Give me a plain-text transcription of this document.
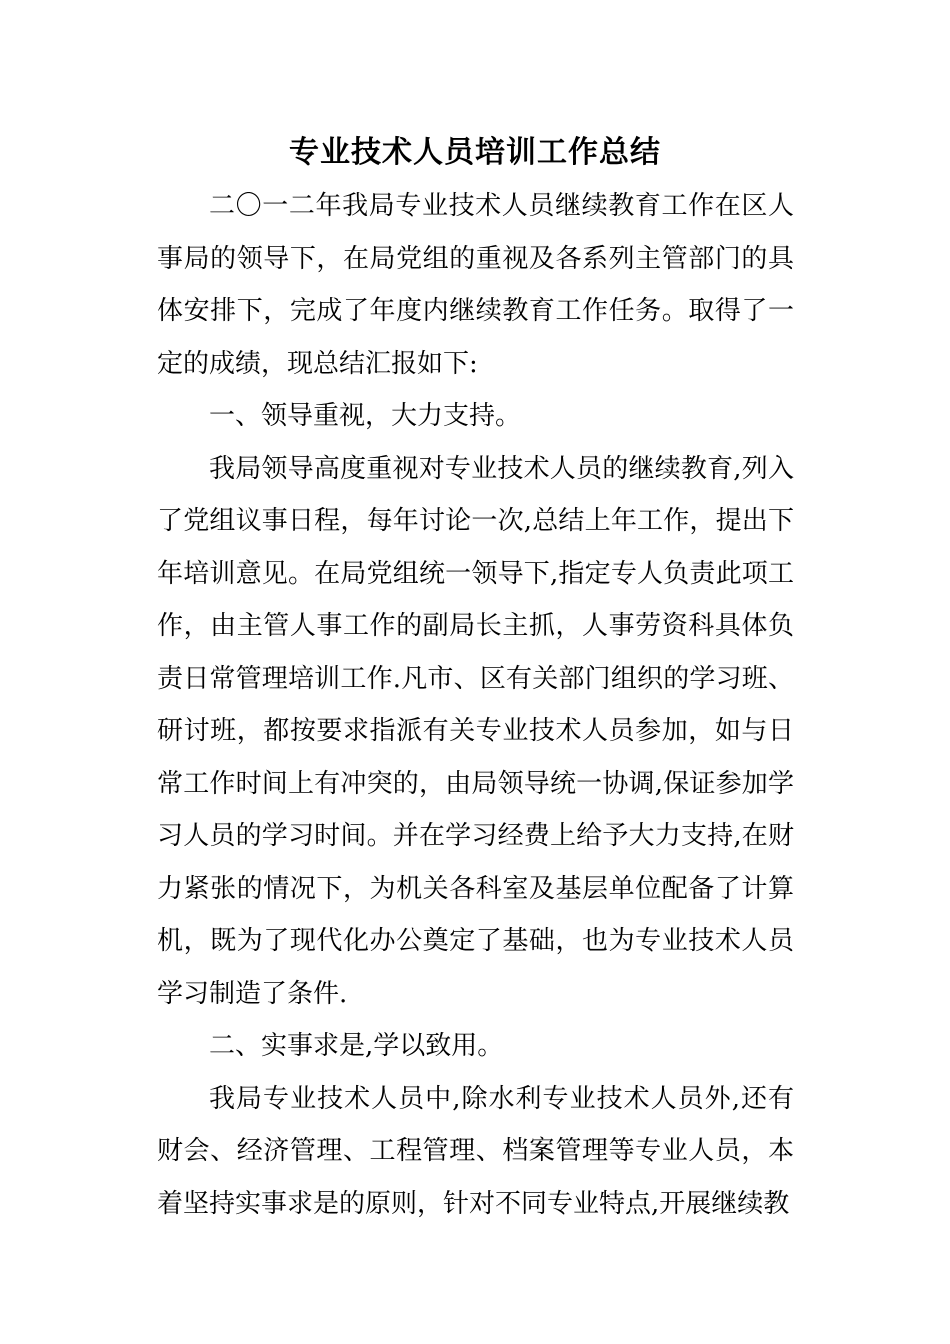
专业技术人员培训工作总结

二〇一二年我局专业技术人员继续教育工作在区人事局的领导下，在局党组的重视及各系列主管部门的具体安排下，完成了年度内继续教育工作任务。取得了一定的成绩，现总结汇报如下:

一、领导重视，大力支持。

我局领导高度重视对专业技术人员的继续教育,列入了党组议事日程，每年讨论一次,总结上年工作，提出下年培训意见。在局党组统一领导下,指定专人负责此项工作，由主管人事工作的副局长主抓，人事劳资科具体负责日常管理培训工作.凡市、区有关部门组织的学习班、研讨班，都按要求指派有关专业技术人员参加，如与日常工作时间上有冲突的，由局领导统一协调,保证参加学习人员的学习时间。并在学习经费上给予大力支持,在财力紧张的情况下，为机关各科室及基层单位配备了计算机，既为了现代化办公奠定了基础，也为专业技术人员学习制造了条件.

二、实事求是,学以致用。

我局专业技术人员中,除水利专业技术人员外,还有财会、经济管理、工程管理、档案管理等专业人员，本着坚持实事求是的原则，针对不同专业特点,开展继续教
